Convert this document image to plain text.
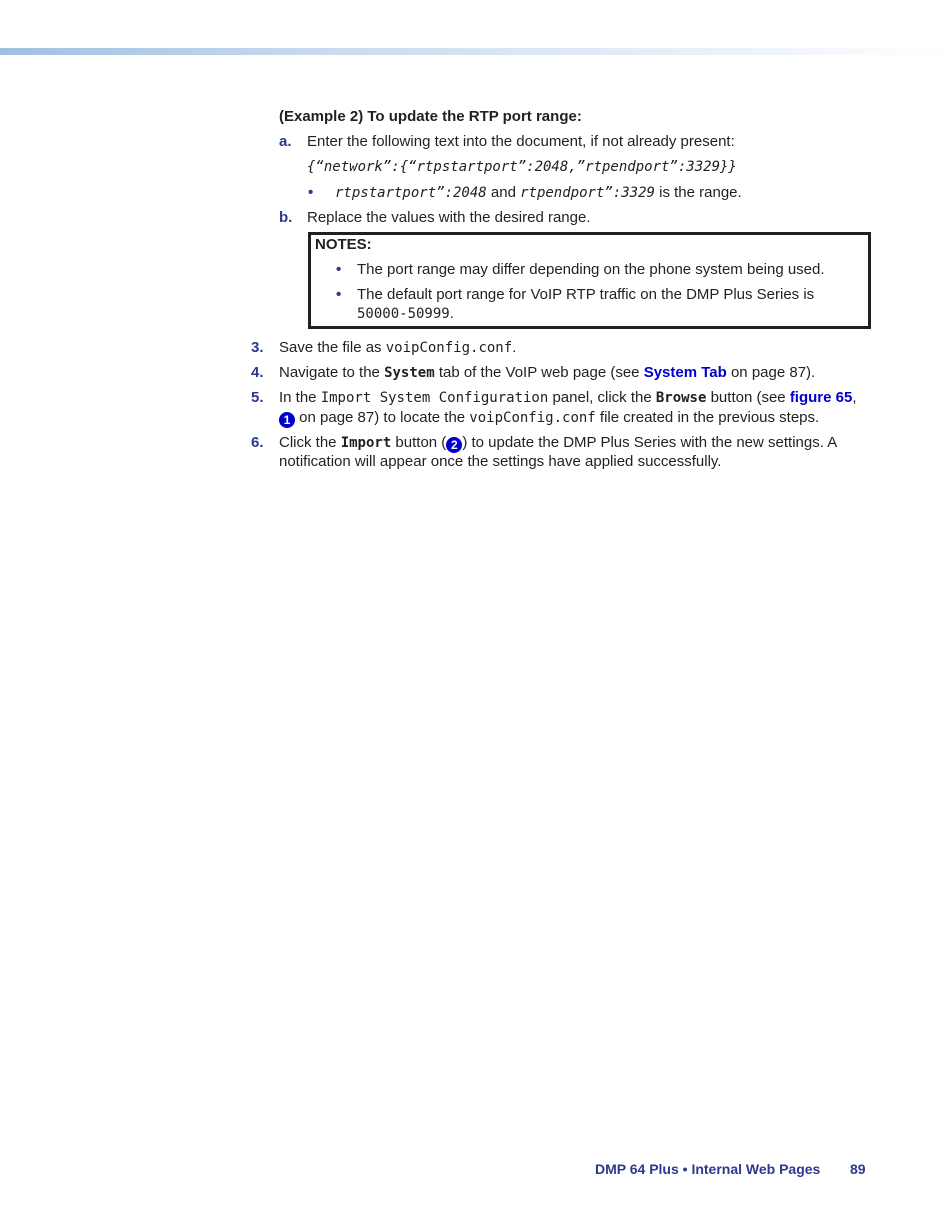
(Example 2) To update the RTP port range:
a. Enter the following text into the document, if not already present:
{“network”:{“rtpstartport”:2048,”rtpendport”:3329}}
• rtpstartport”:2048 and rtpendport”:3329 is the range.
b. Replace the values with the desired range.
NOTES:
• The port range may differ depending on the phone system being used.
• The default port range for VoIP RTP traffic on the DMP Plus Series is
50000-50999.
3. Save the file as voipConfig.conf.
4. Navigate to the System tab of the VoIP web page (see System Tab on page 87).
5. In the Import System Configuration panel, click the Browse button (see figure 65,
1 on page 87) to locate the voipConfig.conf file created in the previous steps.
6. Click the Import button ( 2 ) to update the DMP Plus Series with the new settings. A
notification will appear once the settings have applied successfully.
DMP 64 Plus • Internal Web Pages 89
